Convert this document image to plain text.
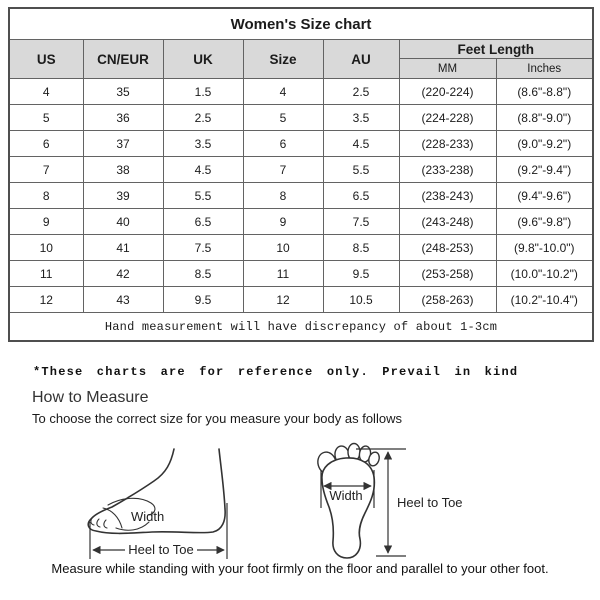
Women's Size chart						
US	CN/EUR	UK	Size	AU	Feet Length	
					MM	Inches
4	35	1.5	4	2.5	(220-224)	(8.6"-8.8")
5	36	2.5	5	3.5	(224-228)	(8.8"-9.0")
6	37	3.5	6	4.5	(228-233)	(9.0"-9.2")
7	38	4.5	7	5.5	(233-238)	(9.2"-9.4")
8	39	5.5	8	6.5	(238-243)	(9.4"-9.6")
9	40	6.5	9	7.5	(243-248)	(9.6"-9.8")
10	41	7.5	10	8.5	(248-253)	(9.8"-10.0")
11	42	8.5	11	9.5	(253-258)	(10.0"-10.2")
12	43	9.5	12	10.5	(258-263)	(10.2"-10.4")
Hand measurement will have discrepancy of about 1-3cm						
*These charts are for reference only. Prevail in kind
How to Measure
To choose the correct size for you measure your body as follows
Heel to Toe
Width
Width	Heel to Toe
Measure while standing with your foot firmly on the floor and parallel to your other foot.
